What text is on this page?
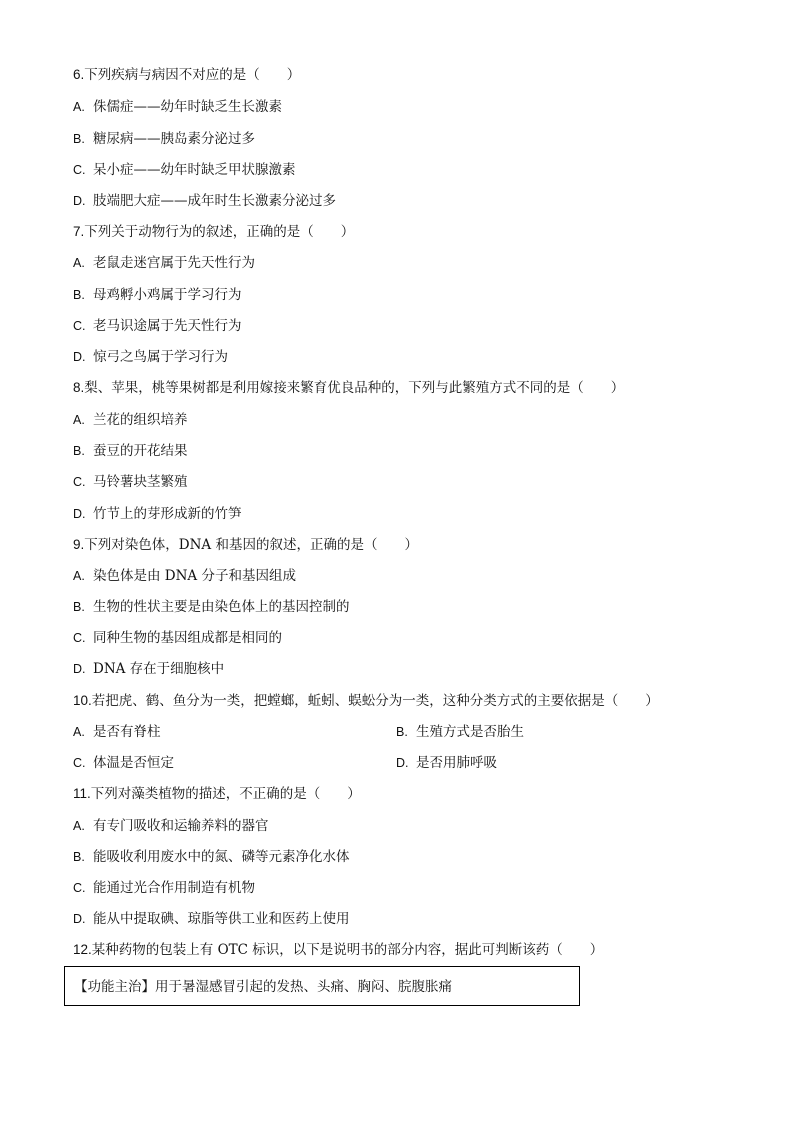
6.下列疾病与病因不对应的是（　　）
A. 侏儒症——幼年时缺乏生长激素
B. 糖尿病——胰岛素分泌过多
C. 呆小症——幼年时缺乏甲状腺激素
D. 肢端肥大症——成年时生长激素分泌过多
7.下列关于动物行为的叙述，正确的是（　　）
A. 老鼠走迷宫属于先天性行为
B. 母鸡孵小鸡属于学习行为
C. 老马识途属于先天性行为
D. 惊弓之鸟属于学习行为
8.梨、苹果，桃等果树都是利用嫁接来繁育优良品种的，下列与此繁殖方式不同的是（　　）
A. 兰花的组织培养
B. 蚕豆的开花结果
C. 马铃薯块茎繁殖
D. 竹节上的芽形成新的竹笋
9.下列对染色体，DNA 和基因的叙述，正确的是（　　）
A. 染色体是由 DNA 分子和基因组成
B. 生物的性状主要是由染色体上的基因控制的
C. 同种生物的基因组成都是相同的
D. DNA 存在于细胞核中
10.若把虎、鹤、鱼分为一类，把螳螂，蚯蚓、蜈蚣分为一类，这种分类方式的主要依据是（　　）
A. 是否有脊柱	B. 生殖方式是否胎生
C. 体温是否恒定	D. 是否用肺呼吸
11.下列对藻类植物的描述，不正确的是（　　）
A. 有专门吸收和运输养料的器官
B. 能吸收利用废水中的氮、磷等元素净化水体
C. 能通过光合作用制造有机物
D. 能从中提取碘、琼脂等供工业和医药上使用
12.某种药物的包装上有 OTC 标识，以下是说明书的部分内容，据此可判断该药（　　）
【功能主治】用于暑湿感冒引起的发热、头痛、胸闷、脘腹胀痛
